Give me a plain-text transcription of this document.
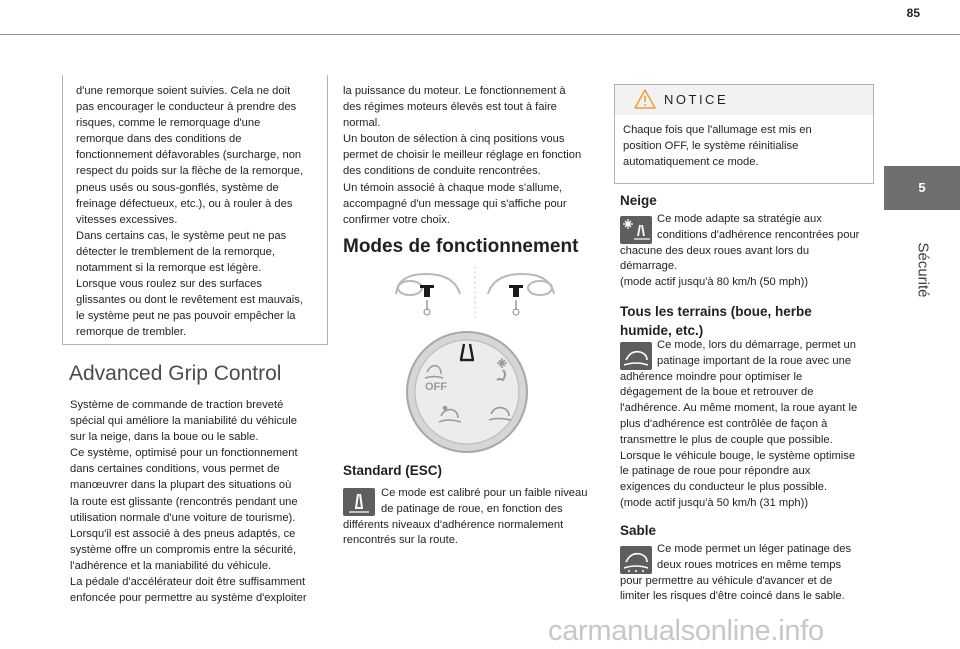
85
5
Sécurité

d'une remorque soient suivies. Cela ne doit

pas encourager le conducteur à prendre des

risques, comme le remorquage d'une

remorque dans des conditions de

fonctionnement défavorables (surcharge, non

respect du poids sur la flèche de la remorque,

pneus usés ou sous-gonflés, système de

freinage défectueux, etc.), ou à rouler à des

vitesses excessives.

Dans certains cas, le système peut ne pas

détecter le tremblement de la remorque,

notamment si la remorque est légère.

Lorsque vous roulez sur des surfaces

glissantes ou dont le revêtement est mauvais,

le système peut ne pas pouvoir empêcher la

remorque de trembler.

Advanced Grip Control

Système de commande de traction breveté

spécial qui améliore la maniabilité du véhicule

sur la neige, dans la boue ou le sable.

Ce système, optimisé pour un fonctionnement

dans certaines conditions, vous permet de

manœuvrer dans la plupart des situations où

la route est glissante (rencontrés pendant une

utilisation normale d'une voiture de tourisme).

Lorsqu'il est associé à des pneus adaptés, ce

système offre un compromis entre la sécurité,

l'adhérence et la maniabilité du véhicule.

La pédale d'accélérateur doit être suffisamment

enfoncée pour permettre au système d'exploiter

la puissance du moteur. Le fonctionnement à

des régimes moteurs élevés est tout à faire

normal.

Un bouton de sélection à cinq positions vous

permet de choisir le meilleur réglage en fonction

des conditions de conduite rencontrées.

Un témoin associé à chaque mode s'allume,

accompagné d'un message qui s'affiche pour

confirmer votre choix.

Modes de fonctionnement
OFF
Standard (ESC)

Ce mode est calibré pour un faible niveau

de patinage de roue, en fonction des

différents niveaux d'adhérence normalement

rencontrés sur la route.

NOTICE

Chaque fois que l'allumage est mis en

position OFF, le système réinitialise

automatiquement ce mode.

Neige

Ce mode adapte sa stratégie aux

conditions d'adhérence rencontrées pour

chacune des deux roues avant lors du

démarrage.

(mode actif jusqu'à 80 km/h (50 mph))

Tous les terrains (boue, herbe

humide, etc.)

Ce mode, lors du démarrage, permet un

patinage important de la roue avec une

adhérence moindre pour optimiser le

dégagement de la boue et retrouver de

l'adhérence. Au même moment, la roue ayant le

plus d'adhérence est contrôlée de façon à

transmettre le plus de couple que possible.

Lorsque le véhicule bouge, le système optimise

le patinage de roue pour répondre aux

exigences du conducteur le plus possible.

(mode actif jusqu'à 50 km/h (31 mph))

Sable

Ce mode permet un léger patinage des

deux roues motrices en même temps

pour permettre au véhicule d'avancer et de

limiter les risques d'être coincé dans le sable.

carmanualsonline.info
